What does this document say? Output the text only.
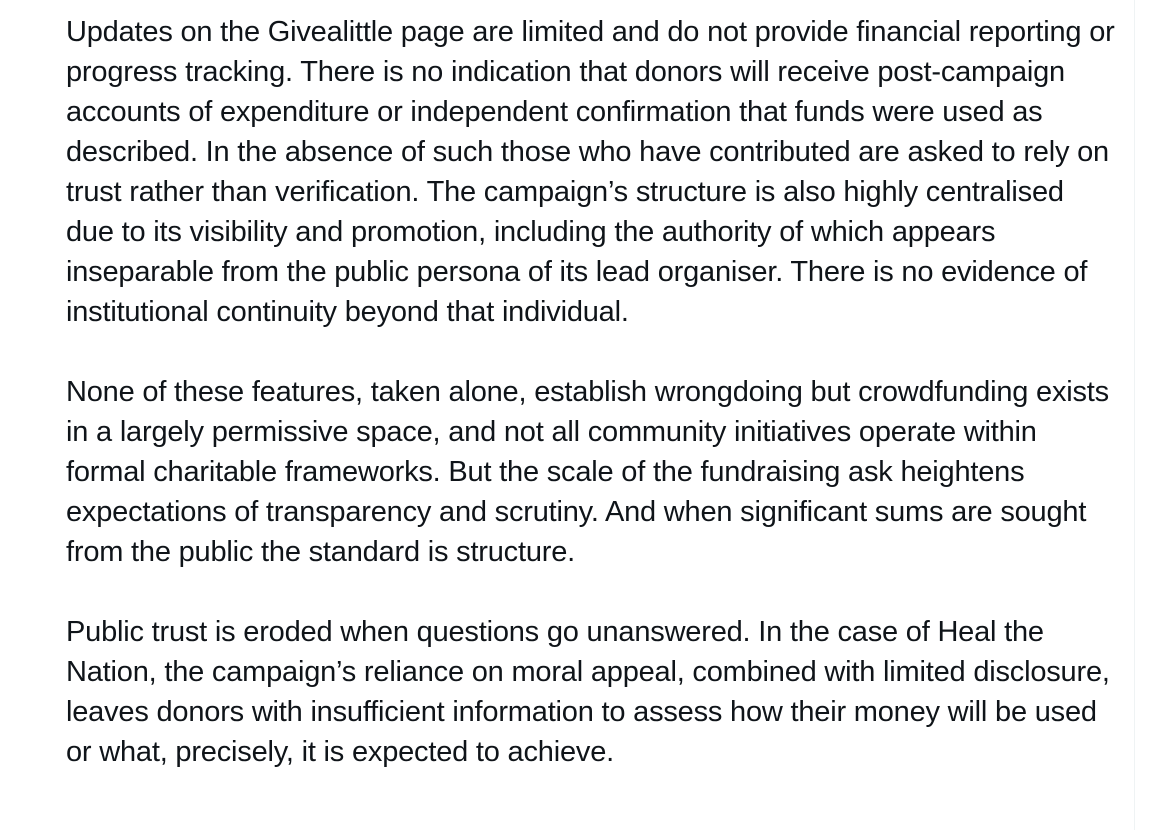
Updates on the Givealittle page are limited and do not provide financial reporting or progress tracking. There is no indication that donors will receive post-campaign accounts of expenditure or independent confirmation that funds were used as described. In the absence of such those who have contributed are asked to rely on trust rather than verification. The campaign’s structure is also highly centralised due to its visibility and promotion, including the authority of which appears inseparable from the public persona of its lead organiser. There is no evidence of institutional continuity beyond that individual.

None of these features, taken alone, establish wrongdoing but crowdfunding exists in a largely permissive space, and not all community initiatives operate within formal charitable frameworks. But the scale of the fundraising ask heightens expectations of transparency and scrutiny. And when significant sums are sought from the public the standard is structure.

Public trust is eroded when questions go unanswered. In the case of Heal the Nation, the campaign’s reliance on moral appeal, combined with limited disclosure, leaves donors with insufficient information to assess how their money will be used or what, precisely, it is expected to achieve.
